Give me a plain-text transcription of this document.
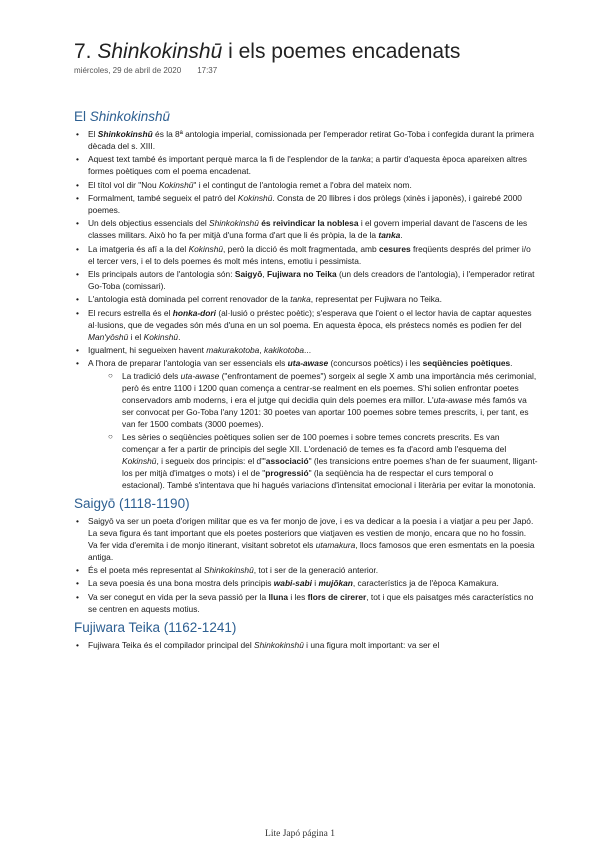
7. Shinkokinshū i els poemes encadenats
miércoles, 29 de abril de 2020 17:37
El Shinkokinshū
• El Shinkokinshū és la 8ª antologia imperial, comissionada per l'emperador retirat Go-Toba i confegida durant la primera dècada del s. XIII.
• Aquest text també és important perquè marca la fi de l'esplendor de la tanka; a partir d'aquesta època apareixen altres formes poètiques com el poema encadenat.
• El títol vol dir "Nou Kokinshū" i el contingut de l'antologia remet a l'obra del mateix nom.
• Formalment, també segueix el patró del Kokinshū. Consta de 20 llibres i dos pròlegs (xinès i japonès), i gairebé 2000 poemes.
• Un dels objectius essencials del Shinkokinshū és reivindicar la noblesa i el govern imperial davant de l'ascens de les classes militars. Això ho fa per mitjà d'una forma d'art que li és pròpia, la de la tanka.
• La imatgeria és afí a la del Kokinshū, però la dicció és molt fragmentada, amb cesures freqüents després del primer i/o el tercer vers, i el to dels poemes és molt més intens, emotiu i pessimista.
• Els principals autors de l'antologia són: Saigyō, Fujiwara no Teika (un dels creadors de l'antologia), i l'emperador retirat Go-Toba (comissari).
• L'antologia està dominada pel corrent renovador de la tanka, representat per Fujiwara no Teika.
• El recurs estrella és el honka-dori (al·lusió o préstec poètic); s'esperava que l'oient o el lector havia de captar aquestes al·lusions, que de vegades són més d'una en un sol poema. En aquesta època, els préstecs només es podien fer del Man'yōshū i el Kokinshū.
• Igualment, hi segueixen havent makurakotoba, kakikotoba...
• A l'hora de preparar l'antologia van ser essencials els uta-awase (concursos poètics) i les seqüències poètiques.
○ La tradició dels uta-awase ("enfrontament de poemes") sorgeix al segle X amb una importància més cerimonial, però és entre 1100 i 1200 quan comença a centrar-se realment en els poemes. S'hi solien enfrontar poetes conservadors amb moderns, i era el jutge qui decidia quin dels poemes era millor. L'uta-awase més famós va ser convocat per Go-Toba l'any 1201: 30 poetes van aportar 100 poemes sobre temes prescrits, i, per tant, es van fer 1500 combats (3000 poemes).
○ Les sèries o seqüències poètiques solien ser de 100 poemes i sobre temes concrets prescrits. Es van començar a fer a partir de principis del segle XII. L'ordenació de temes es fa d'acord amb l'esquema del Kokinshū, i segueix dos principis: el d'"associació" (les transicions entre poemes s'han de fer suaument, lligant-los per mitjà d'imatges o mots) i el de "progressió" (la seqüència ha de respectar el curs temporal o estacional). També s'intentava que hi hagués variacions d'intensitat emocional i literària per evitar la monotonia.
Saigyō (1118-1190)
• Saigyō va ser un poeta d'origen militar que es va fer monjo de jove, i es va dedicar a la poesia i a viatjar a peu per Japó. La seva figura és tant important que els poetes posteriors que viatjaven es vestien de monjo, encara que no ho fossin. Va fer vida d'eremita i de monjo itinerant, visitant sobretot els utamakura, llocs famosos que eren esmentats en la poesia antiga.
• És el poeta més representat al Shinkokinshū, tot i ser de la generació anterior.
• La seva poesia és una bona mostra dels principis wabi-sabi i mujōkan, característics ja de l'època Kamakura.
• Va ser conegut en vida per la seva passió per la lluna i les flors de cirerer, tot i que els paisatges més característics no se centren en aquests motius.
Fujiwara Teika (1162-1241)
• Fujiwara Teika és el compilador principal del Shinkokinshū i una figura molt important: va ser el
Lite Japó página 1
